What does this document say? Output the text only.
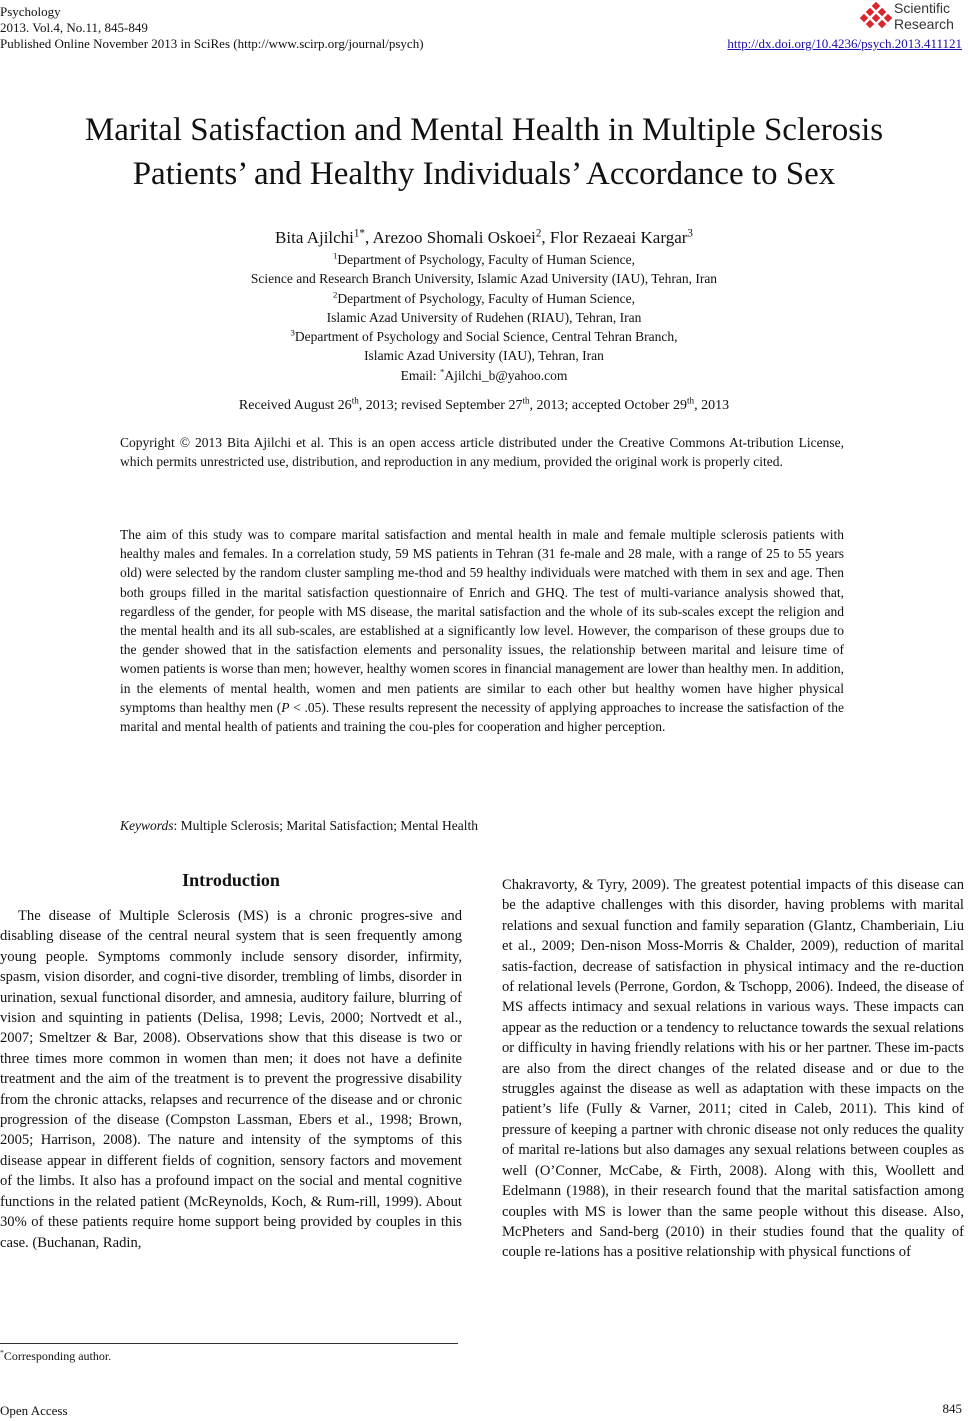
Psychology
2013. Vol.4, No.11, 845-849
Published Online November 2013 in SciRes (http://www.scirp.org/journal/psych)
Scientific
Research
http://dx.doi.org/10.4236/psych.2013.411121
Marital Satisfaction and Mental Health in Multiple Sclerosis
Patients’ and Healthy Individuals’ Accordance to Sex
Bita Ajilchi$^{1*}$, Arezoo Shomali Oskoei$^2$, Flor Rezaeai Kargar$^3$
$^1$Department of Psychology, Faculty of Human Science,
Science and Research Branch University, Islamic Azad University (IAU), Tehran, Iran
$^2$Department of Psychology, Faculty of Human Science,
Islamic Azad University of Rudehen (RIAU), Tehran, Iran
$^3$Department of Psychology and Social Science, Central Tehran Branch,
Islamic Azad University (IAU), Tehran, Iran
Email: *Ajilchi_b@yahoo.com
Received August 26th, 2013; revised September 27th, 2013; accepted October 29th, 2013
Copyright © 2013 Bita Ajilchi et al. This is an open access article distributed under the Creative Commons At-tribution License, which permits unrestricted use, distribution, and reproduction in any medium, provided the original work is properly cited.
The aim of this study was to compare marital satisfaction and mental health in male and female multiple sclerosis patients with healthy males and females. In a correlation study, 59 MS patients in Tehran (31 fe-male and 28 male, with a range of 25 to 55 years old) were selected by the random cluster sampling me-thod and 59 healthy individuals were matched with them in sex and age. Then both groups filled in the marital satisfaction questionnaire of Enrich and GHQ. The test of multi-variance analysis showed that, regardless of the gender, for people with MS disease, the marital satisfaction and the whole of its sub-scales except the religion and the mental health and its all sub-scales, are established at a significantly low level. However, the comparison of these groups due to the gender showed that in the satisfaction elements and personality issues, the relationship between marital and leisure time of women patients is worse than men; however, healthy women scores in financial management are lower than healthy men. In addition, in the elements of mental health, women and men patients are similar to each other but healthy women have higher physical symptoms than healthy men (P < .05). These results represent the necessity of applying approaches to increase the satisfaction of the marital and mental health of patients and training the cou-ples for cooperation and higher perception.
Keywords: Multiple Sclerosis; Marital Satisfaction; Mental Health
Introduction

The disease of Multiple Sclerosis (MS) is a chronic progres-sive and disabling disease of the central neural system that is seen frequently among young people. Symptoms commonly include sensory disorder, infirmity, spasm, vision disorder, and cogni-tive disorder, trembling of limbs, disorder in urination, sexual functional disorder, and amnesia, auditory failure, blurring of vision and squinting in patients (Delisa, 1998; Levis, 2000; Nortvedt et al., 2007; Smeltzer & Bar, 2008). Observations show that this disease is two or three times more common in women than men; it does not have a definite treatment and the aim of the treatment is to prevent the progressive disability from the chronic attacks, relapses and recurrence of the disease and or chronic progression of the disease (Compston Lassman, Ebers et al., 1998; Brown, 2005; Harrison, 2008). The nature and intensity of the symptoms of this disease appear in different fields of cognition, sensory factors and movement of the limbs. It also has a profound impact on the social and mental cognitive functions in the related patient (McReynolds, Koch, & Rum-rill, 1999). About 30% of these patients require home support being provided by couples in this case. (Buchanan, Radin,

Chakravorty, & Tyry, 2009). The greatest potential impacts of this disease can be the adaptive challenges with this disorder, having problems with marital relations and sexual function and family separation (Glantz, Chamberiain, Liu et al., 2009; Den-nison Moss-Morris & Chalder, 2009), reduction of marital satis-faction, decrease of satisfaction in physical intimacy and the re-duction of relational levels (Perrone, Gordon, & Tschopp, 2006). Indeed, the disease of MS affects intimacy and sexual relations in various ways. These impacts can appear as the reduction or a tendency to reluctance towards the sexual relations or difficulty in having friendly relations with his or her partner. These im-pacts are also from the direct changes of the related disease and or due to the struggles against the disease as well as adaptation with these impacts on the patient’s life (Fully & Varner, 2011; cited in Caleb, 2011). This kind of pressure of keeping a partner with chronic disease not only reduces the quality of marital re-lations but also damages any sexual relations between couples as well (O’Conner, McCabe, & Firth, 2008). Along with this, Woollett and Edelmann (1988), in their research found that the marital satisfaction among couples with MS is lower than the same people without this disease. Also, McPheters and Sand-berg (2010) in their studies found that the quality of couple re-lations has a positive relationship with physical functions of

*Corresponding author.
Open Access	845
